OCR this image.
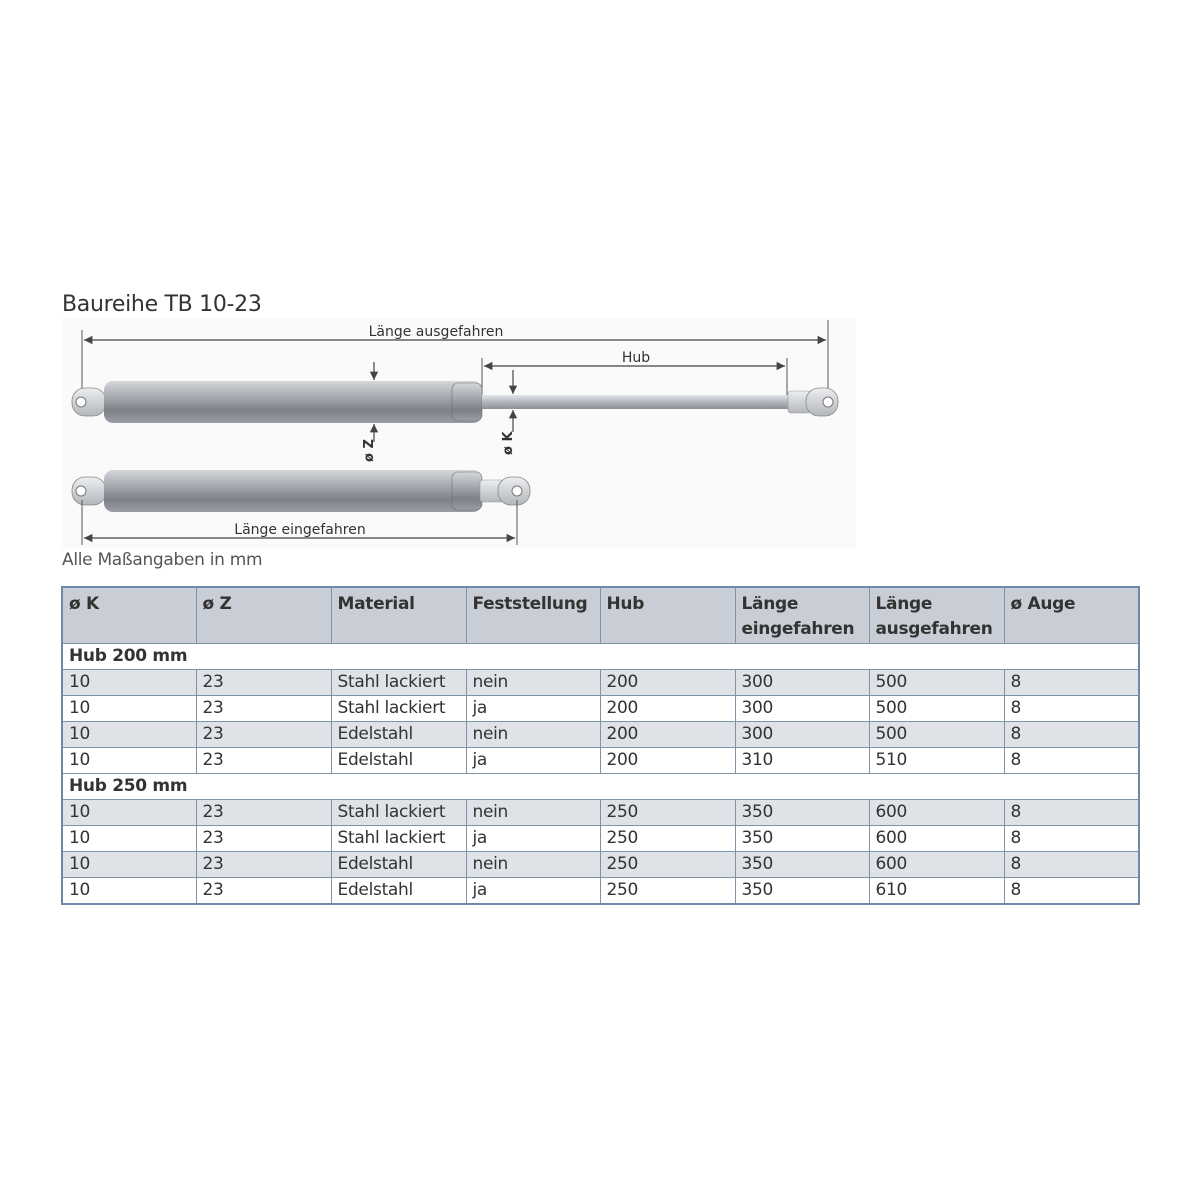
Baureihe TB 10-23
Länge ausgefahren
Hub
ø Z	ø K
Länge eingefahren
Alle Maßangaben in mm
ø K	ø Z	Material	Feststellung	Hub	Länge eingefahren	Länge ausgefahren	ø Auge
Hub 200 mm							
10	23	Stahl lackiert	nein	200	300	500	8
10	23	Stahl lackiert	ja	200	300	500	8
10	23	Edelstahl	nein	200	300	500	8
10	23	Edelstahl	ja	200	310	510	8
Hub 250 mm							
10	23	Stahl lackiert	nein	250	350	600	8
10	23	Stahl lackiert	ja	250	350	600	8
10	23	Edelstahl	nein	250	350	600	8
10	23	Edelstahl	ja	250	350	610	8
